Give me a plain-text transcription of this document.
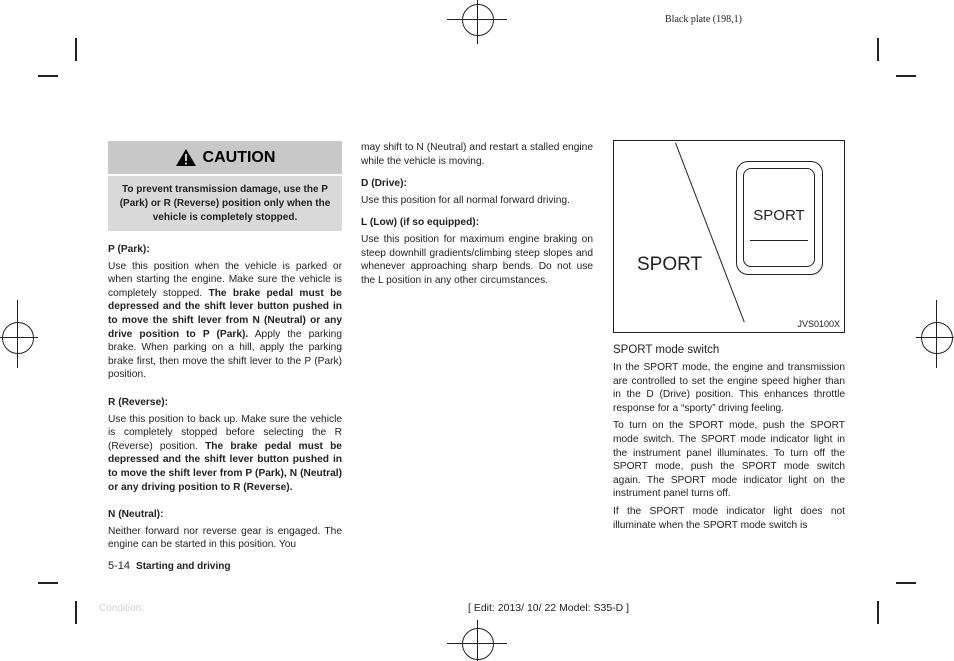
Black plate (198,1)
CAUTION
To prevent transmission damage, use the P (Park) or R (Reverse) position only when the vehicle is completely stopped.
P (Park):

Use this position when the vehicle is parked or when starting the engine. Make sure the vehicle is completely stopped. The brake pedal must be depressed and the shift lever button pushed in to move the shift lever from N (Neutral) or any drive position to P (Park). Apply the parking brake. When parking on a hill, apply the parking brake first, then move the shift lever to the P (Park) position.

R (Reverse):

Use this position to back up. Make sure the vehicle is completely stopped before selecting the R (Reverse) position. The brake pedal must be depressed and the shift lever button pushed in to move the shift lever from P (Park), N (Neutral) or any driving position to R (Reverse).

N (Neutral):

Neither forward nor reverse gear is engaged. The engine can be started in this position. You

may shift to N (Neutral) and restart a stalled engine while the vehicle is moving.

D (Drive):

Use this position for all normal forward driving.

L (Low) (if so equipped):

Use this position for maximum engine braking on steep downhill gradients/climbing steep slopes and whenever approaching sharp bends. Do not use the L position in any other circumstances.

SPORT
SPORT
JVS0100X
SPORT mode switch

In the SPORT mode, the engine and transmission are controlled to set the engine speed higher than in the D (Drive) position. This enhances throttle response for a “sporty” driving feeling.

To turn on the SPORT mode, push the SPORT mode switch. The SPORT mode indicator light in the instrument panel illuminates. To turn off the SPORT mode, push the SPORT mode switch again. The SPORT mode indicator light on the instrument panel turns off.

If the SPORT mode indicator light does not illuminate when the SPORT mode switch is

5-14 Starting and driving
Condition:	[ Edit: 2013/ 10/ 22 Model: S35-D ]
